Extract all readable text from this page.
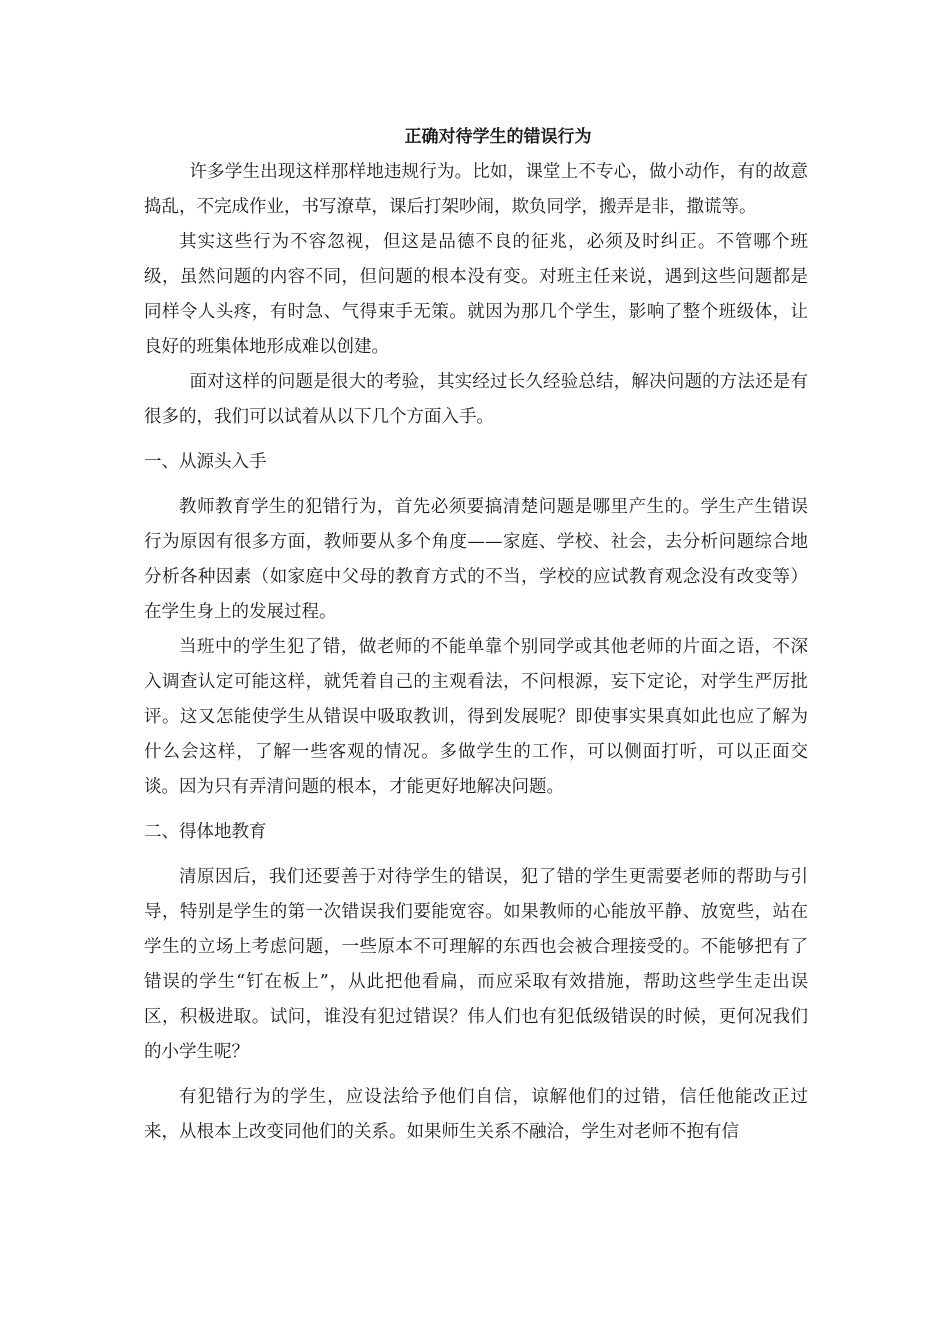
正确对待学生的错误行为

许多学生出现这样那样地违规行为。比如，课堂上不专心，做小动作，有的故意捣乱，不完成作业，书写潦草，课后打架吵闹，欺负同学，搬弄是非，撒谎等。

其实这些行为不容忽视，但这是品德不良的征兆，必须及时纠正。不管哪个班级，虽然问题的内容不同，但问题的根本没有变。对班主任来说，遇到这些问题都是同样令人头疼，有时急、气得束手无策。就因为那几个学生，影响了整个班级体，让良好的班集体地形成难以创建。

面对这样的问题是很大的考验，其实经过长久经验总结，解决问题的方法还是有很多的，我们可以试着从以下几个方面入手。

一、从源头入手

教师教育学生的犯错行为，首先必须要搞清楚问题是哪里产生的。学生产生错误行为原因有很多方面，教师要从多个角度——家庭、学校、社会，去分析问题综合地分析各种因素（如家庭中父母的教育方式的不当，学校的应试教育观念没有改变等）在学生身上的发展过程。

当班中的学生犯了错，做老师的不能单靠个别同学或其他老师的片面之语，不深入调查认定可能这样，就凭着自己的主观看法，不问根源，妄下定论，对学生严厉批评。这又怎能使学生从错误中吸取教训，得到发展呢？即使事实果真如此也应了解为什么会这样，了解一些客观的情况。多做学生的工作，可以侧面打听，可以正面交谈。因为只有弄清问题的根本，才能更好地解决问题。

二、得体地教育

清原因后，我们还要善于对待学生的错误，犯了错的学生更需要老师的帮助与引导，特别是学生的第一次错误我们要能宽容。如果教师的心能放平静、放宽些，站在学生的立场上考虑问题，一些原本不可理解的东西也会被合理接受的。不能够把有了错误的学生“钉在板上”，从此把他看扁，而应采取有效措施，帮助这些学生走出误区，积极进取。试问，谁没有犯过错误？伟人们也有犯低级错误的时候，更何况我们的小学生呢？

有犯错行为的学生，应设法给予他们自信，谅解他们的过错，信任他能改正过来，从根本上改变同他们的关系。如果师生关系不融洽，学生对老师不抱有信
